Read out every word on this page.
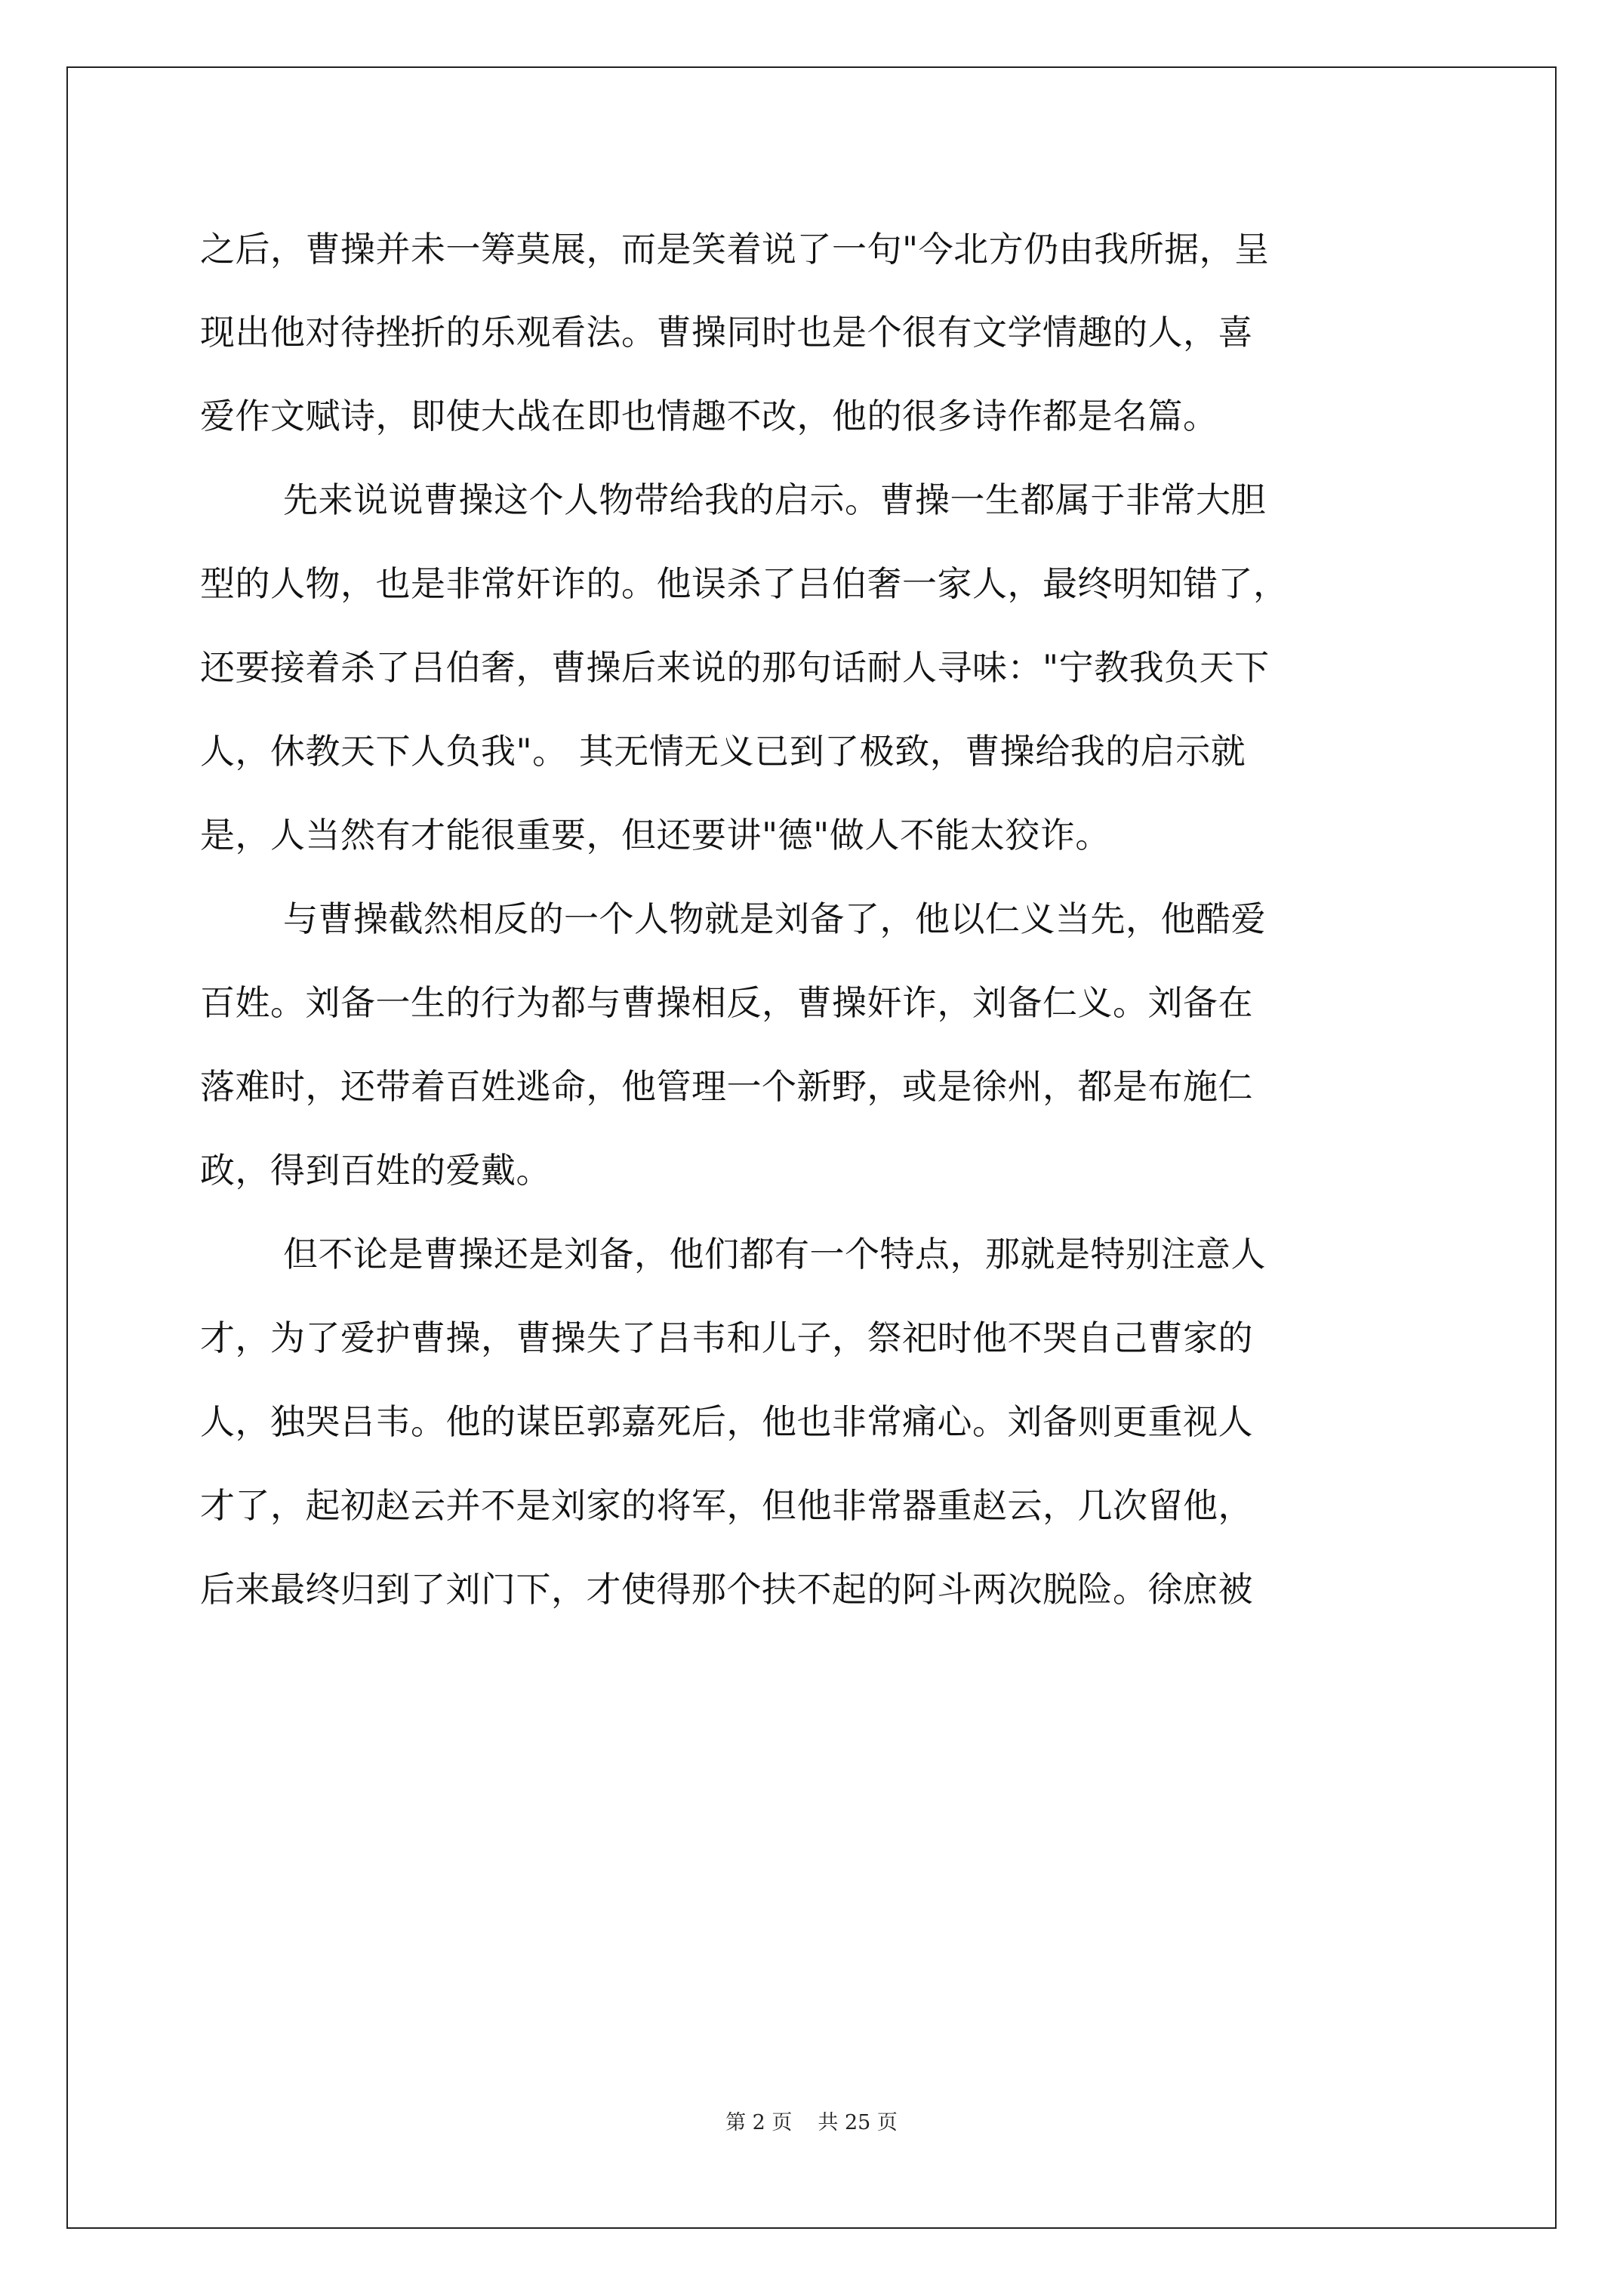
之后，曹操并未一筹莫展，而是笑着说了一句"今北方仍由我所据，呈
现出他对待挫折的乐观看法。曹操同时也是个很有文学情趣的人，喜
爱作文赋诗，即使大战在即也情趣不改，他的很多诗作都是名篇。
先来说说曹操这个人物带给我的启示。曹操一生都属于非常大胆
型的人物，也是非常奸诈的。他误杀了吕伯奢一家人，最终明知错了，
还要接着杀了吕伯奢，曹操后来说的那句话耐人寻味："宁教我负天下
人，休教天下人负我"。 其无情无义已到了极致，曹操给我的启示就
是，人当然有才能很重要，但还要讲"德"做人不能太狡诈。
与曹操截然相反的一个人物就是刘备了，他以仁义当先，他酷爱
百姓。刘备一生的行为都与曹操相反，曹操奸诈，刘备仁义。刘备在
落难时，还带着百姓逃命，他管理一个新野，或是徐州，都是布施仁
政，得到百姓的爱戴。
但不论是曹操还是刘备，他们都有一个特点，那就是特别注意人
才，为了爱护曹操，曹操失了吕韦和儿子，祭祀时他不哭自己曹家的
人，独哭吕韦。他的谋臣郭嘉死后，他也非常痛心。刘备则更重视人
才了，起初赵云并不是刘家的将军，但他非常器重赵云，几次留他，
后来最终归到了刘门下，才使得那个扶不起的阿斗两次脱险。徐庶被
第 2 页 共 25 页
